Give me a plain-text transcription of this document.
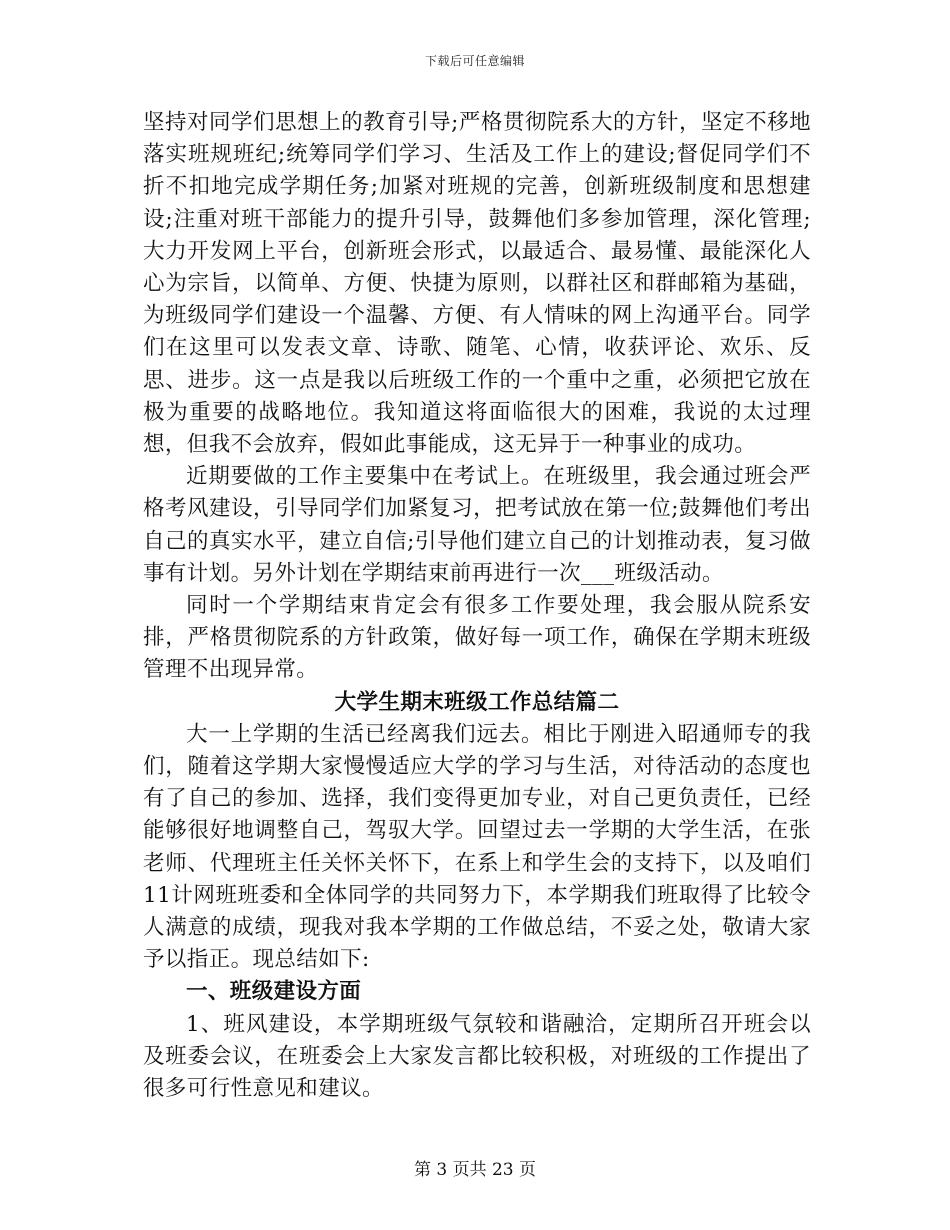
下载后可任意编辑

坚持对同学们思想上的教育引导;严格贯彻院系大的方针，坚定不移地落实班规班纪;统筹同学们学习、生活及工作上的建设;督促同学们不折不扣地完成学期任务;加紧对班规的完善，创新班级制度和思想建设;注重对班干部能力的提升引导，鼓舞他们多参加管理，深化管理;大力开发网上平台，创新班会形式，以最适合、最易懂、最能深化人心为宗旨，以简单、方便、快捷为原则，以群社区和群邮箱为基础，为班级同学们建设一个温馨、方便、有人情味的网上沟通平台。同学们在这里可以发表文章、诗歌、随笔、心情，收获评论、欢乐、反思、进步。这一点是我以后班级工作的一个重中之重，必须把它放在极为重要的战略地位。我知道这将面临很大的困难，我说的太过理想，但我不会放弃，假如此事能成，这无异于一种事业的成功。

近期要做的工作主要集中在考试上。在班级里，我会通过班会严格考风建设，引导同学们加紧复习，把考试放在第一位;鼓舞他们考出自己的真实水平，建立自信;引导他们建立自己的计划推动表，复习做事有计划。另外计划在学期结束前再进行一次___班级活动。

同时一个学期结束肯定会有很多工作要处理，我会服从院系安排，严格贯彻院系的方针政策，做好每一项工作，确保在学期末班级管理不出现异常。

大学生期末班级工作总结篇二

大一上学期的生活已经离我们远去。相比于刚进入昭通师专的我们，随着这学期大家慢慢适应大学的学习与生活，对待活动的态度也有了自己的参加、选择，我们变得更加专业，对自己更负责任，已经能够很好地调整自己，驾驭大学。回望过去一学期的大学生活，在张老师、代理班主任关怀关怀下，在系上和学生会的支持下，以及咱们11计网班班委和全体同学的共同努力下，本学期我们班取得了比较令人满意的成绩，现我对我本学期的工作做总结，不妥之处，敬请大家予以指正。现总结如下:

一、班级建设方面

1、班风建设，本学期班级气氛较和谐融洽，定期所召开班会以及班委会议，在班委会上大家发言都比较积极，对班级的工作提出了很多可行性意见和建议。

第 3 页共 23 页
